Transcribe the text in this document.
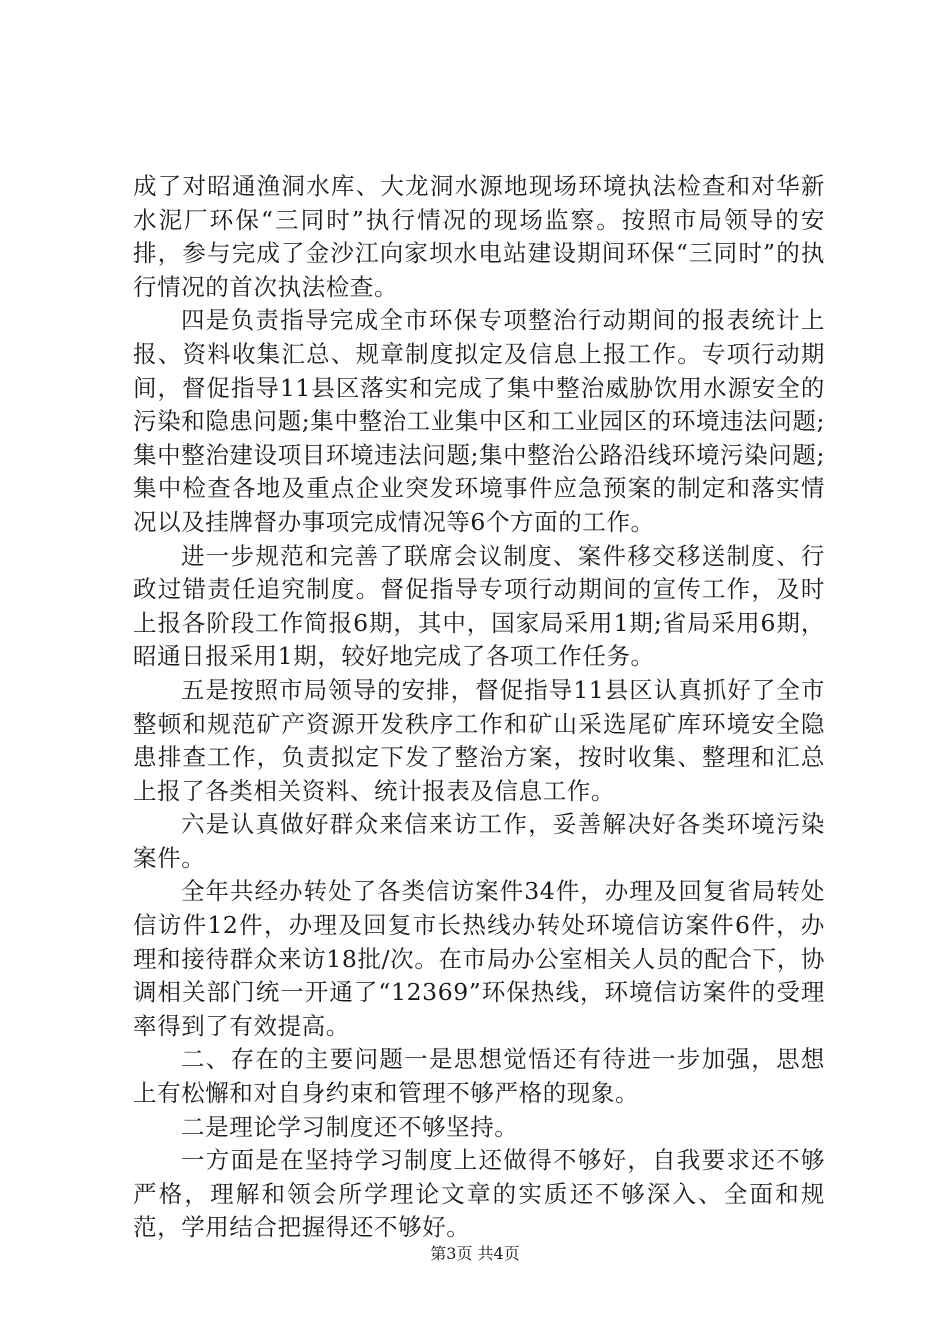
成了对昭通渔洞水库、大龙洞水源地现场环境执法检查和对华新水泥厂环保“三同时”执行情况的现场监察。按照市局领导的安排，参与完成了金沙江向家坝水电站建设期间环保“三同时”的执行情况的首次执法检查。

四是负责指导完成全市环保专项整治行动期间的报表统计上报、资料收集汇总、规章制度拟定及信息上报工作。专项行动期间，督促指导11县区落实和完成了集中整治威胁饮用水源安全的污染和隐患问题;集中整治工业集中区和工业园区的环境违法问题;集中整治建设项目环境违法问题;集中整治公路沿线环境污染问题;集中检查各地及重点企业突发环境事件应急预案的制定和落实情况以及挂牌督办事项完成情况等6个方面的工作。

进一步规范和完善了联席会议制度、案件移交移送制度、行政过错责任追究制度。督促指导专项行动期间的宣传工作，及时上报各阶段工作简报6期，其中，国家局采用1期;省局采用6期，昭通日报采用1期，较好地完成了各项工作任务。

五是按照市局领导的安排，督促指导11县区认真抓好了全市整顿和规范矿产资源开发秩序工作和矿山采选尾矿库环境安全隐患排查工作，负责拟定下发了整治方案，按时收集、整理和汇总上报了各类相关资料、统计报表及信息工作。

六是认真做好群众来信来访工作，妥善解决好各类环境污染案件。

全年共经办转处了各类信访案件34件，办理及回复省局转处信访件12件，办理及回复市长热线办转处环境信访案件6件，办理和接待群众来访18批/次。在市局办公室相关人员的配合下，协调相关部门统一开通了“12369”环保热线，环境信访案件的受理率得到了有效提高。

二、存在的主要问题一是思想觉悟还有待进一步加强，思想上有松懈和对自身约束和管理不够严格的现象。

二是理论学习制度还不够坚持。

一方面是在坚持学习制度上还做得不够好，自我要求还不够严格，理解和领会所学理论文章的实质还不够深入、全面和规范，学用结合把握得还不够好。

第3页 共4页
